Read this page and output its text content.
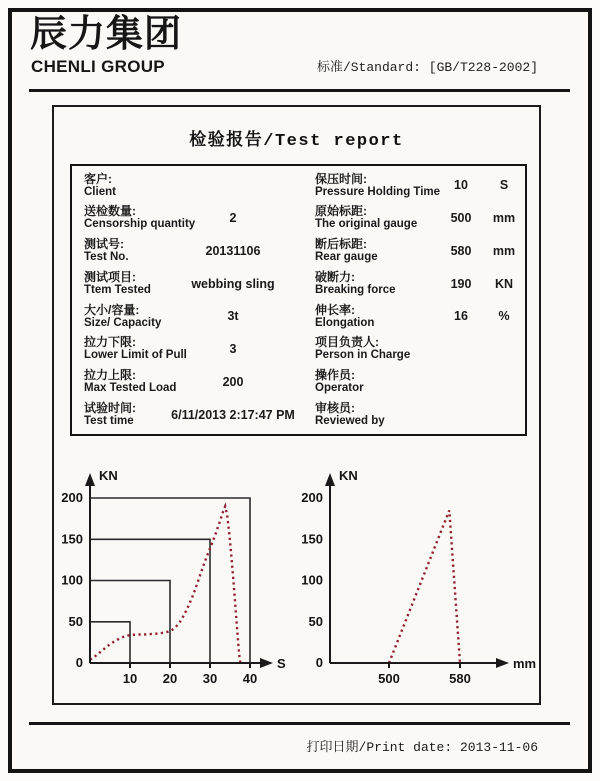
辰力集团
CHENLI GROUP	标准/Standard: [GB/T228-2002]
检验报告/Test report
客户:
Client
送检数量:
Censorship quantity	2
测试号:
Test No.	20131106
测试项目:
Ttem Tested	webbing sling
大小/容量:
Size/ Capacity	3t
拉力下限:
Lower Limit of Pull	3
拉力上限:
Max Tested Load	200
试验时间:
Test time	6/11/2013 2:17:47 PM
保压时间:
Pressure Holding Time	10	S
原始标距:
The original gauge	500	mm
断后标距:
Rear gauge	580	mm
破断力:
Breaking force	190	KN
伸长率:
Elongation	16	%
项目负责人:
Person in Charge
操作员:
Operator
审核员:
Reviewed by
S
KN
10 20 30 40
0
50
100
150
200
mm
KN
500	580
0
50
100
150
200
打印日期/Print date: 2013-11-06
